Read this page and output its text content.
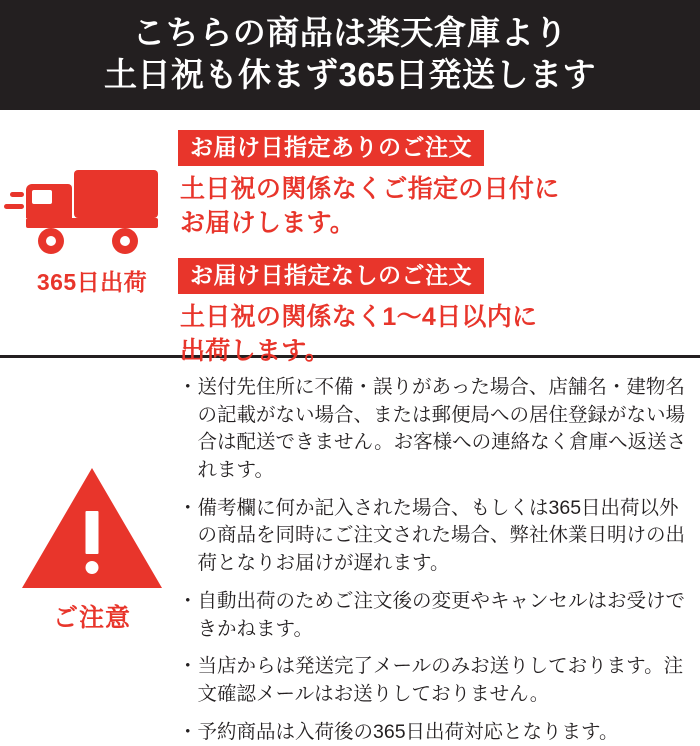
こちらの商品は楽天倉庫より
土日祝も休まず365日発送します
365日出荷
お届け日指定ありのご注文
土日祝の関係なくご指定の日付に
お届けします。
お届け日指定なしのご注文
土日祝の関係なく1〜4日以内に
出荷します。
ご注意
・ 送付先住所に不備・誤りがあった場合、店舗名・建物名の記載がない場合、または郵便局への居住登録がない場合は配送できません。お客様への連絡なく倉庫へ返送されます。
・ 備考欄に何か記入された場合、もしくは365日出荷以外の商品を同時にご注文された場合、弊社休業日明けの出荷となりお届けが遅れます。
・ 自動出荷のためご注文後の変更やキャンセルはお受けできかねます。
・ 当店からは発送完了メールのみお送りしております。注文確認メールはお送りしておりません。
・ 予約商品は入荷後の365日出荷対応となります。
